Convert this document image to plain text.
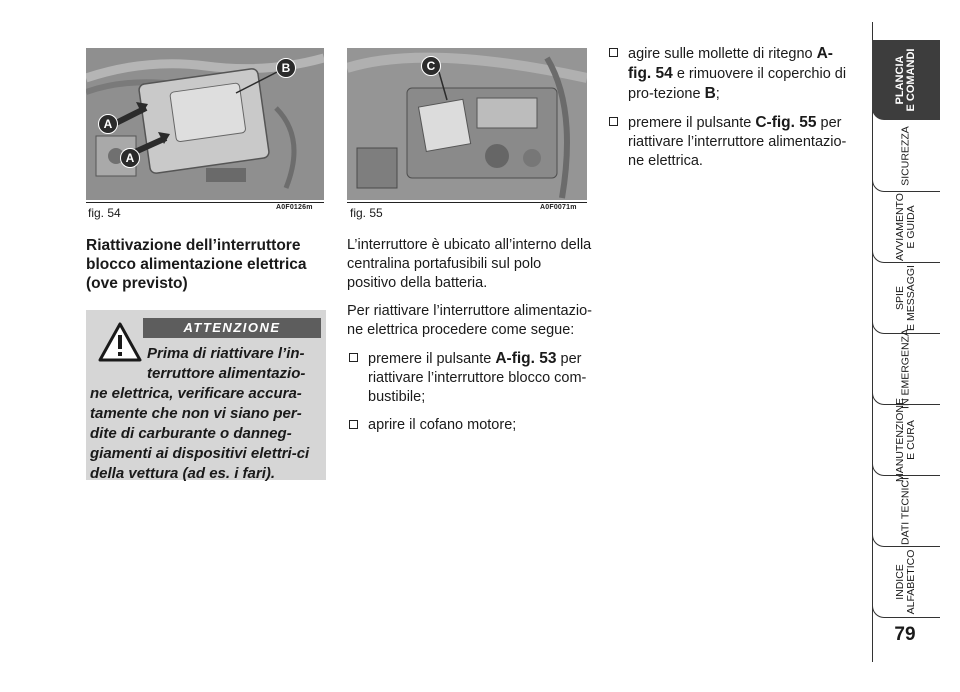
A
A
B
fig. 54	A0F0126m
C
fig. 55	A0F0071m
Riattivazione dell’interruttore
blocco alimentazione elettrica
(ove previsto)
ATTENZIONE
Prima di riattivare l’in-terruttore alimentazio-
ne elettrica, verificare accura-tamente che non vi siano per-dite di carburante o danneg-giamenti ai dispositivi elettri-ci della vettura (ad es. i fari).

L’interruttore è ubicato all’interno della centralina portafusibili sul polo positivo della batteria.

Per riattivare l’interruttore alimentazio-ne elettrica procedere come segue:

premere il pulsante A-fig. 53 per riattivare l’interruttore blocco com-bustibile;
aprire il cofano motore;
agire sulle mollette di ritegno A-fig. 54 e rimuovere il coperchio di pro-tezione B;
premere il pulsante C-fig. 55 per riattivare l’interruttore alimentazio-ne elettrica.
PLANCIA
E COMANDI
SICUREZZA
AVVIAMENTO
E GUIDA
SPIE
E MESSAGGI
IN EMERGENZA
MANUTENZIONE
E CURA
DATI TECNICI
INDICE
ALFABETICO
79
